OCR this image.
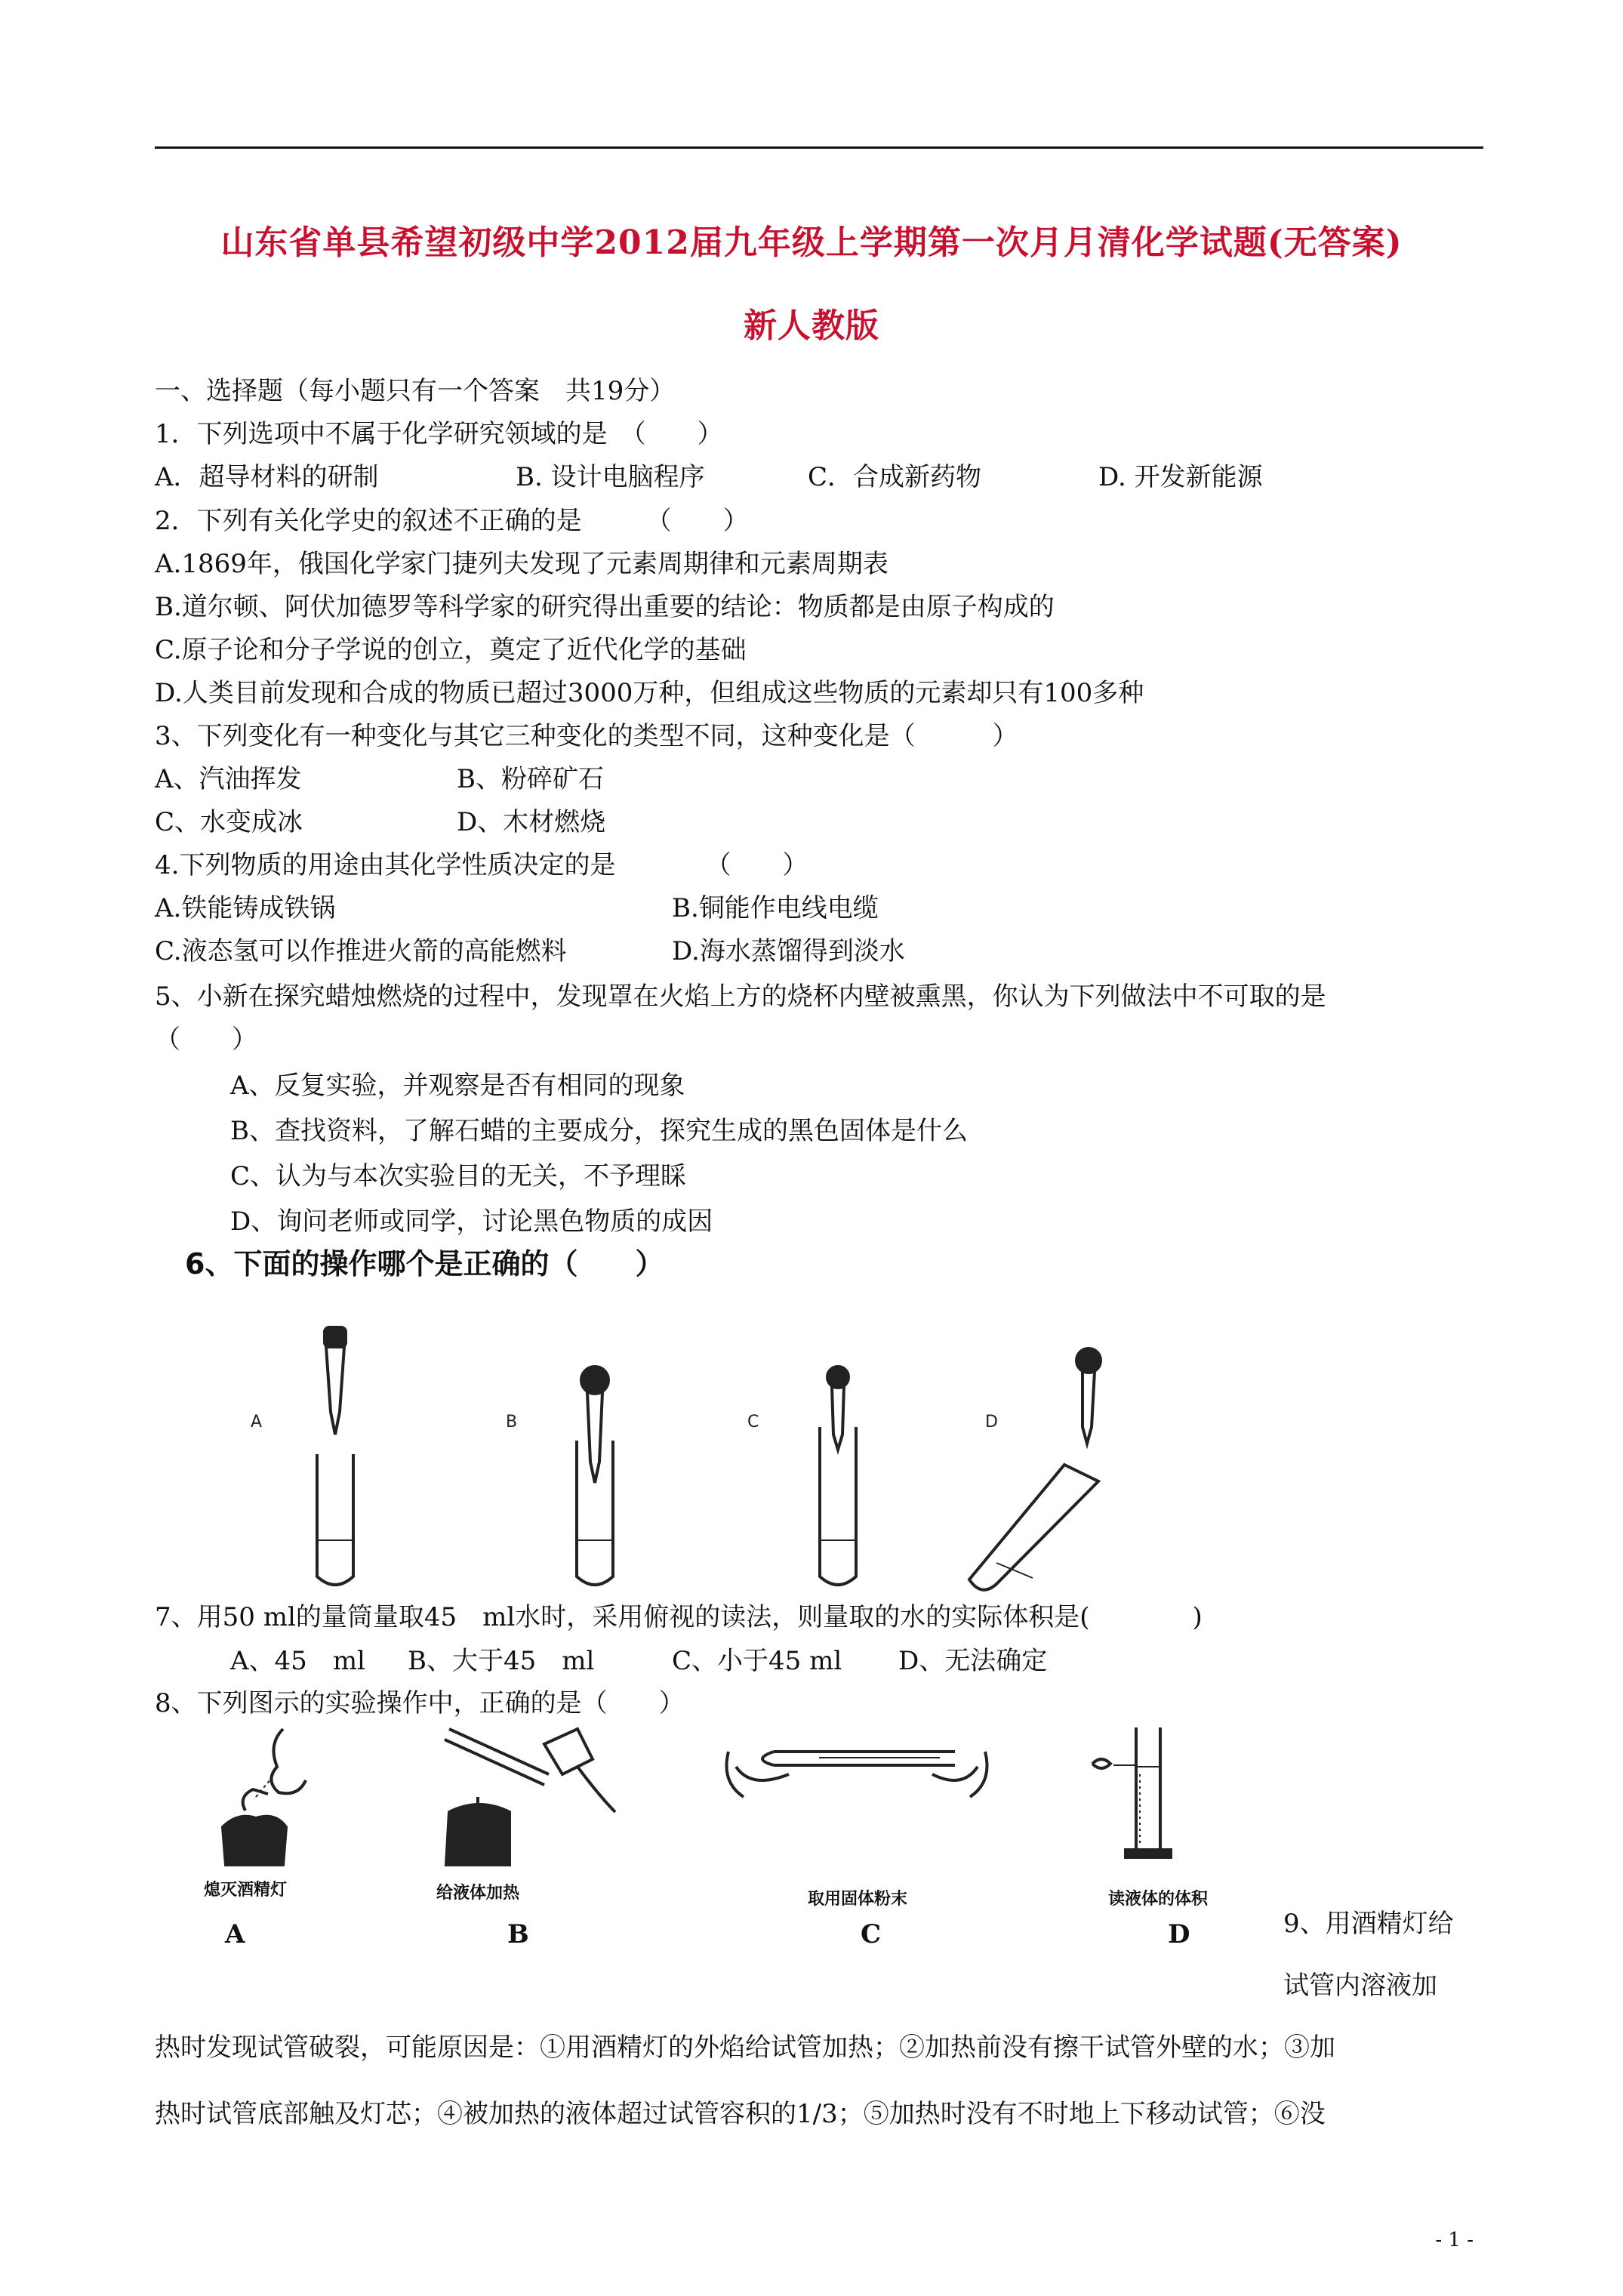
山东省单县希望初级中学2012届九年级上学期第一次月月清化学试题(无答案)
新人教版
一、选择题（每小题只有一个答案　共19分）
1．下列选项中不属于化学研究领域的是　（　　）
A．超导材料的研制	B. 设计电脑程序	C．合成新药物	D. 开发新能源
2．下列有关化学史的叙述不正确的是　　　（　　）
A.1869年，俄国化学家门捷列夫发现了元素周期律和元素周期表
B.道尔顿、阿伏加德罗等科学家的研究得出重要的结论：物质都是由原子构成的
C.原子论和分子学说的创立，奠定了近代化学的基础
D.人类目前发现和合成的物质已超过3000万种，但组成这些物质的元素却只有100多种
3、下列变化有一种变化与其它三种变化的类型不同，这种变化是（　　　）
A、汽油挥发	B、粉碎矿石
C、水变成冰	D、木材燃烧
4.下列物质的用途由其化学性质决定的是　　　　（　　）
A.铁能铸成铁锅	B.铜能作电线电缆
C.液态氢可以作推进火箭的高能燃料	D.海水蒸馏得到淡水
5、小新在探究蜡烛燃烧的过程中，发现罩在火焰上方的烧杯内壁被熏黑，你认为下列做法中不可取的是
（　　）
A、反复实验，并观察是否有相同的现象
B、查找资料，了解石蜡的主要成分，探究生成的黑色固体是什么
C、认为与本次实验目的无关，不予理睬
D、询问老师或同学，讨论黑色物质的成因
6、下面的操作哪个是正确的（　　）
A	B	C	D
7、用50 ml的量筒量取45　ml水时，采用俯视的读法，则量取的水的实际体积是(　　　　)
A、45　ml B、大于45　ml	C、小于45 ml D、无法确定
8、下列图示的实验操作中，正确的是（　　）
熄灭酒精灯	给液体加热	取用固体粉末	读液体的体积
A	B	C	D	9、用酒精灯给
试管内溶液加
热时发现试管破裂，可能原因是：①用酒精灯的外焰给试管加热；②加热前没有擦干试管外壁的水；③加
热时试管底部触及灯芯；④被加热的液体超过试管容积的1/3；⑤加热时没有不时地上下移动试管；⑥没
- 1 -
